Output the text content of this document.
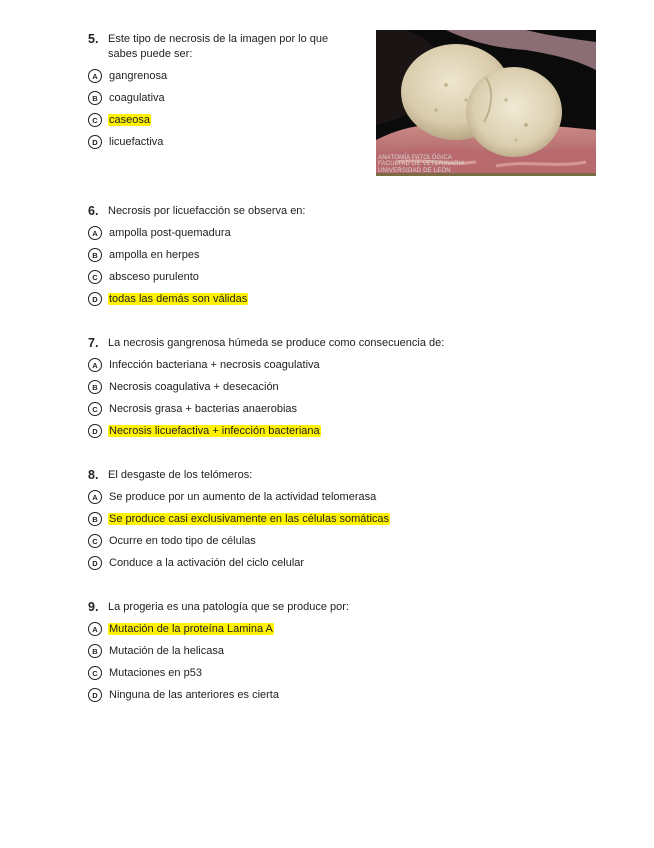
5. Este tipo de necrosis de la imagen por lo que sabes puede ser:
A	gangrenosa
B	coagulativa
C	caseosa
D	licuefactiva
ANATOMÍA PATOLÓGICA
FACULTAD DE VETERINARIA
UNIVERSIDAD DE LEÓN
6. Necrosis por licuefacción se observa en:
A	ampolla post-quemadura
B	ampolla en herpes
C	absceso purulento
D	todas las demás son válidas
7. La necrosis gangrenosa húmeda se produce como consecuencia de:
A	Infección bacteriana + necrosis coagulativa
B	Necrosis coagulativa + desecación
C	Necrosis grasa + bacterias anaerobias
D	Necrosis licuefactiva + infección bacteriana
8. El desgaste de los telómeros:
A	Se produce por un aumento de la actividad telomerasa
B	Se produce casi exclusivamente en las células somáticas
C	Ocurre en todo tipo de células
D	Conduce a la activación del ciclo celular
9. La progeria es una patología que se produce por:
A	Mutación de la proteína Lamina A
B	Mutación de la helicasa
C	Mutaciones en p53
D	Ninguna de las anteriores es cierta
